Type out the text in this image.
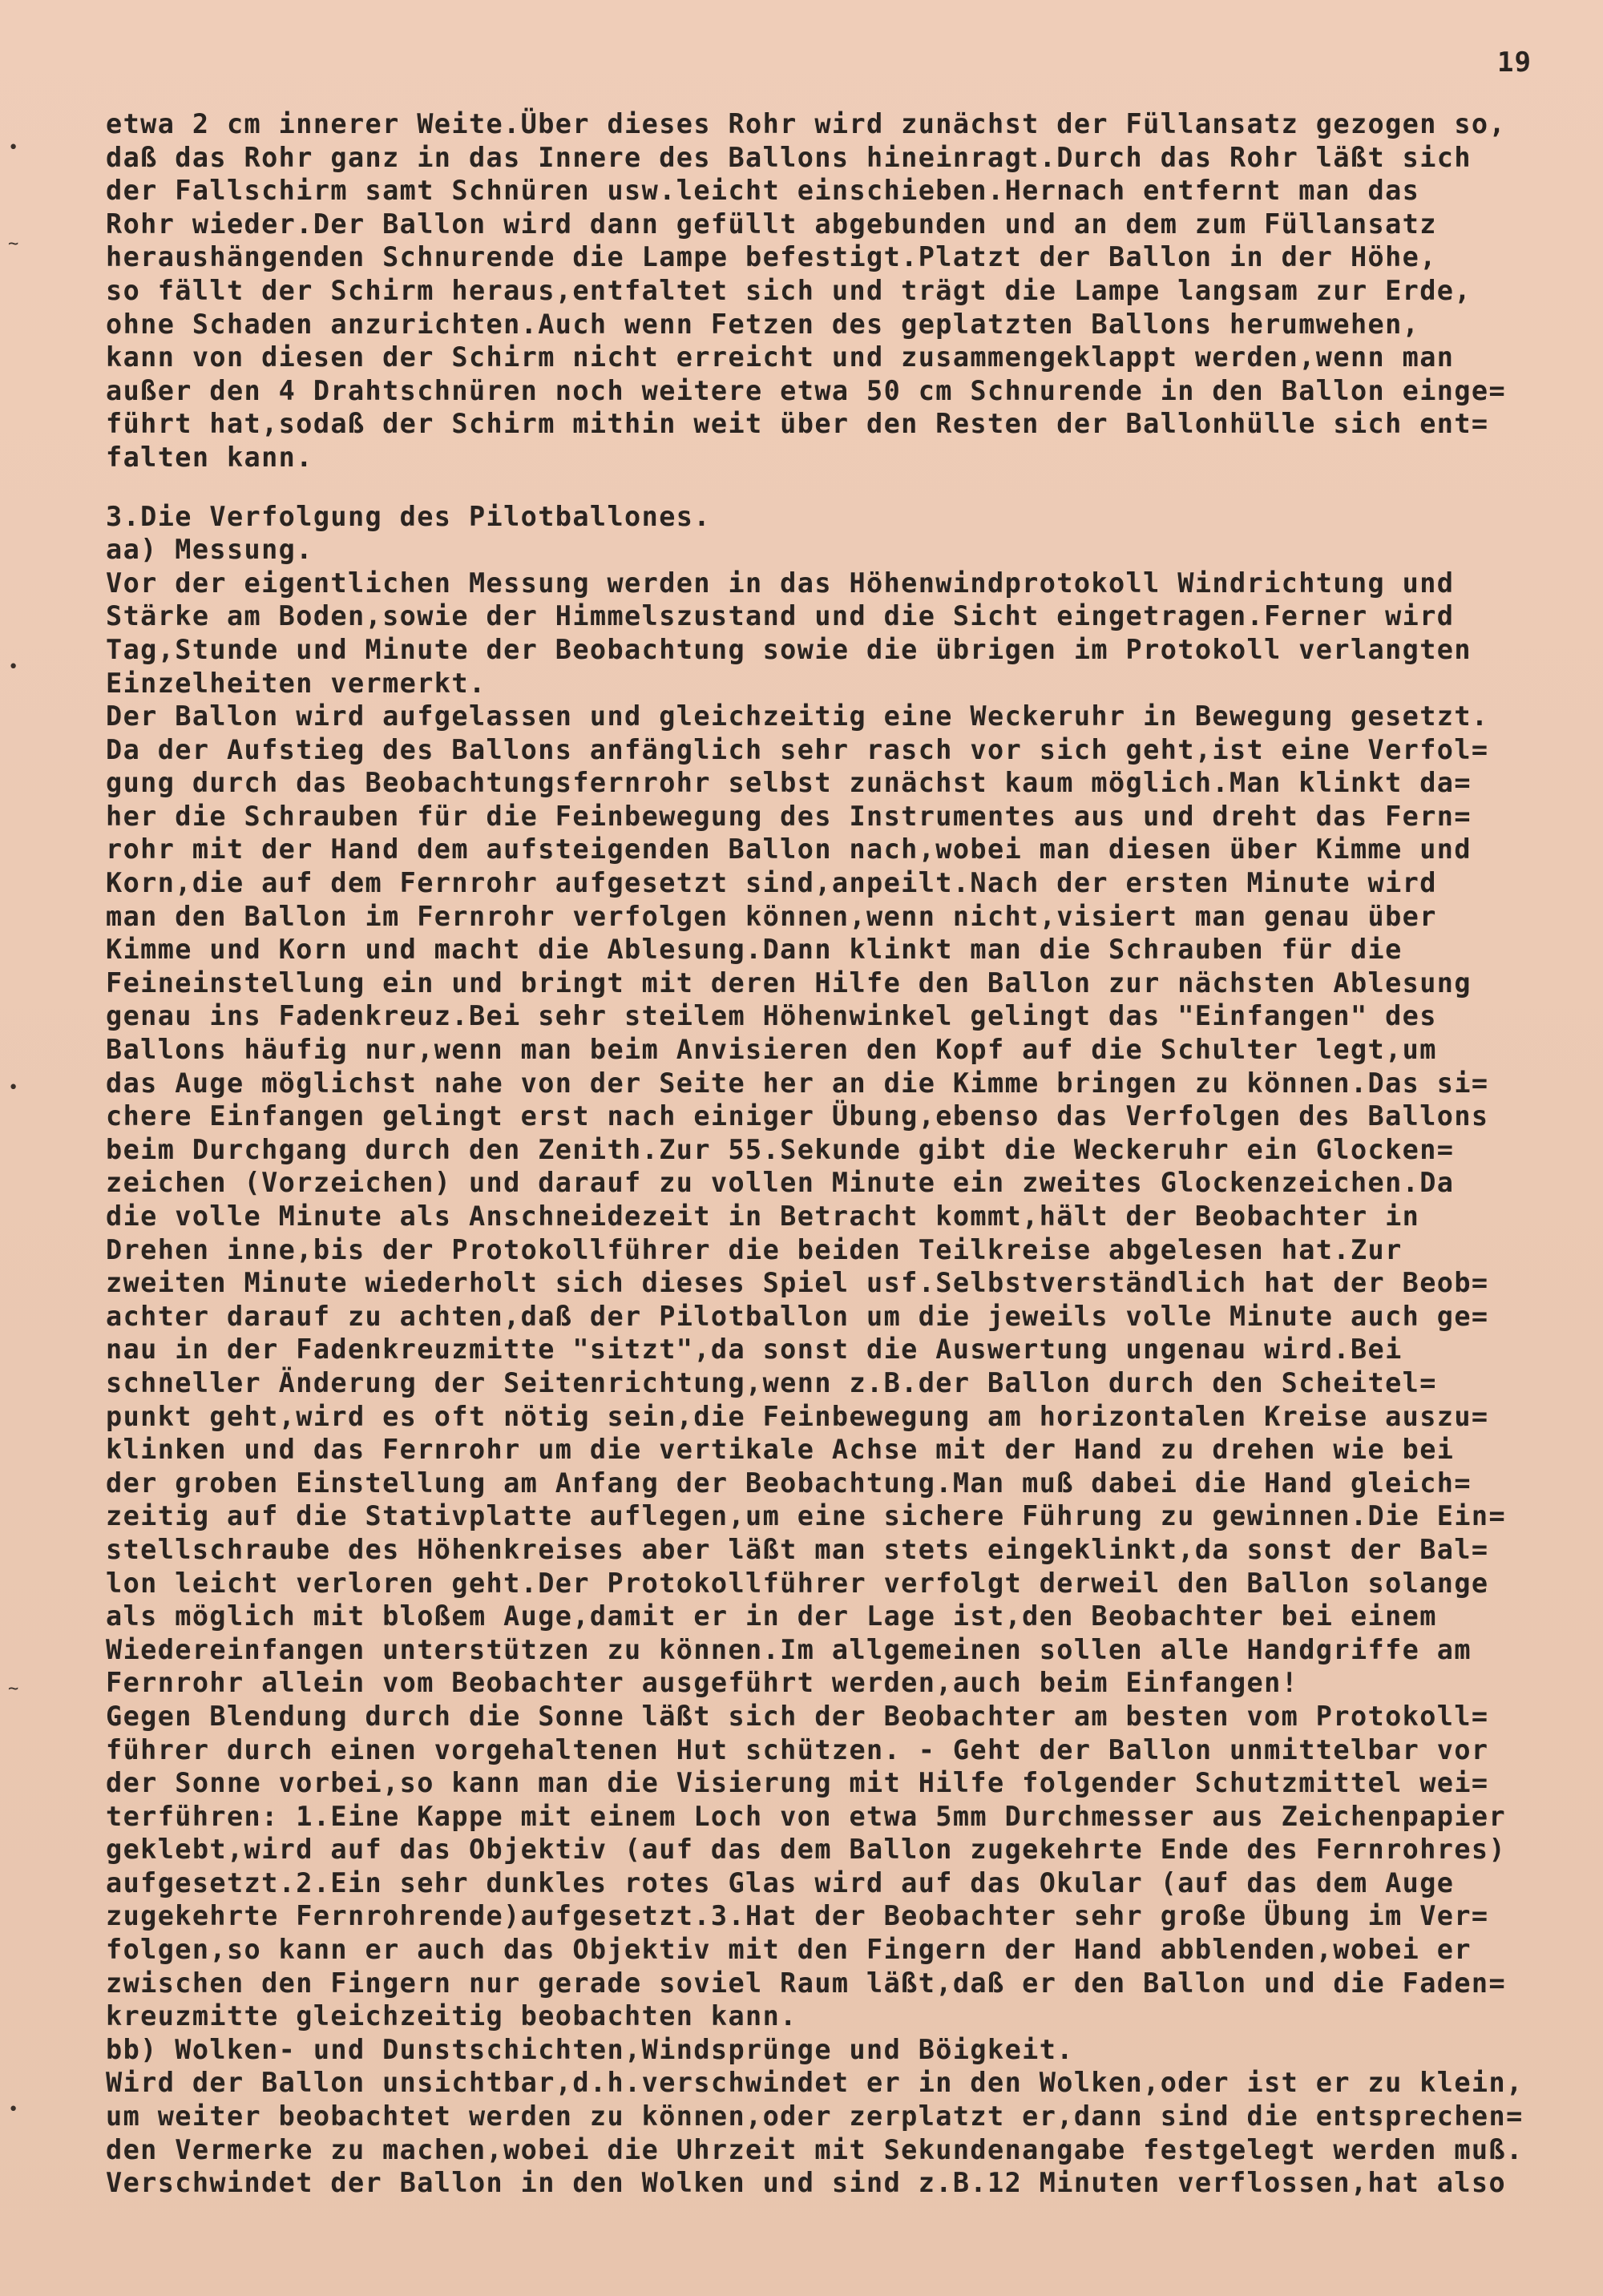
19
•
~
•
•
~
•
etwa 2 cm innerer Weite.Über dieses Rohr wird zunächst der Füllansatz gezogen so,
daß das Rohr ganz in das Innere des Ballons hineinragt.Durch das Rohr läßt sich
der Fallschirm samt Schnüren usw.leicht einschieben.Hernach entfernt man das
Rohr wieder.Der Ballon wird dann gefüllt abgebunden und an dem zum Füllansatz
heraushängenden Schnurende die Lampe befestigt.Platzt der Ballon in der Höhe,
so fällt der Schirm heraus,entfaltet sich und trägt die Lampe langsam zur Erde,
ohne Schaden anzurichten.Auch wenn Fetzen des geplatzten Ballons herumwehen,
kann von diesen der Schirm nicht erreicht und zusammengeklappt werden,wenn man
außer den 4 Drahtschnüren noch weitere etwa 50 cm Schnurende in den Ballon einge=
führt hat,sodaß der Schirm mithin weit über den Resten der Ballonhülle sich ent=
falten kann.
3.Die Verfolgung des Pilotballones.
aa) Messung.
Vor der eigentlichen Messung werden in das Höhenwindprotokoll Windrichtung und
Stärke am Boden,sowie der Himmelszustand und die Sicht eingetragen.Ferner wird
Tag,Stunde und Minute der Beobachtung sowie die übrigen im Protokoll verlangten
Einzelheiten vermerkt.
Der Ballon wird aufgelassen und gleichzeitig eine Weckeruhr in Bewegung gesetzt.
Da der Aufstieg des Ballons anfänglich sehr rasch vor sich geht,ist eine Verfol=
gung durch das Beobachtungsfernrohr selbst zunächst kaum möglich.Man klinkt da=
her die Schrauben für die Feinbewegung des Instrumentes aus und dreht das Fern=
rohr mit der Hand dem aufsteigenden Ballon nach,wobei man diesen über Kimme und
Korn,die auf dem Fernrohr aufgesetzt sind,anpeilt.Nach der ersten Minute wird
man den Ballon im Fernrohr verfolgen können,wenn nicht,visiert man genau über
Kimme und Korn und macht die Ablesung.Dann klinkt man die Schrauben für die
Feineinstellung ein und bringt mit deren Hilfe den Ballon zur nächsten Ablesung
genau ins Fadenkreuz.Bei sehr steilem Höhenwinkel gelingt das "Einfangen" des
Ballons häufig nur,wenn man beim Anvisieren den Kopf auf die Schulter legt,um
das Auge möglichst nahe von der Seite her an die Kimme bringen zu können.Das si=
chere Einfangen gelingt erst nach einiger Übung,ebenso das Verfolgen des Ballons
beim Durchgang durch den Zenith.Zur 55.Sekunde gibt die Weckeruhr ein Glocken=
zeichen (Vorzeichen) und darauf zu vollen Minute ein zweites Glockenzeichen.Da
die volle Minute als Anschneidezeit in Betracht kommt,hält der Beobachter in
Drehen inne,bis der Protokollführer die beiden Teilkreise abgelesen hat.Zur
zweiten Minute wiederholt sich dieses Spiel usf.Selbstverständlich hat der Beob=
achter darauf zu achten,daß der Pilotballon um die jeweils volle Minute auch ge=
nau in der Fadenkreuzmitte "sitzt",da sonst die Auswertung ungenau wird.Bei
schneller Änderung der Seitenrichtung,wenn z.B.der Ballon durch den Scheitel=
punkt geht,wird es oft nötig sein,die Feinbewegung am horizontalen Kreise auszu=
klinken und das Fernrohr um die vertikale Achse mit der Hand zu drehen wie bei
der groben Einstellung am Anfang der Beobachtung.Man muß dabei die Hand gleich=
zeitig auf die Stativplatte auflegen,um eine sichere Führung zu gewinnen.Die Ein=
stellschraube des Höhenkreises aber läßt man stets eingeklinkt,da sonst der Bal=
lon leicht verloren geht.Der Protokollführer verfolgt derweil den Ballon solange
als möglich mit bloßem Auge,damit er in der Lage ist,den Beobachter bei einem
Wiedereinfangen unterstützen zu können.Im allgemeinen sollen alle Handgriffe am
Fernrohr allein vom Beobachter ausgeführt werden,auch beim Einfangen!
Gegen Blendung durch die Sonne läßt sich der Beobachter am besten vom Protokoll=
führer durch einen vorgehaltenen Hut schützen. - Geht der Ballon unmittelbar vor
der Sonne vorbei,so kann man die Visierung mit Hilfe folgender Schutzmittel wei=
terführen: 1.Eine Kappe mit einem Loch von etwa 5mm Durchmesser aus Zeichenpapier
geklebt,wird auf das Objektiv (auf das dem Ballon zugekehrte Ende des Fernrohres)
aufgesetzt.2.Ein sehr dunkles rotes Glas wird auf das Okular (auf das dem Auge
zugekehrte Fernrohrende)aufgesetzt.3.Hat der Beobachter sehr große Übung im Ver=
folgen,so kann er auch das Objektiv mit den Fingern der Hand abblenden,wobei er
zwischen den Fingern nur gerade soviel Raum läßt,daß er den Ballon und die Faden=
kreuzmitte gleichzeitig beobachten kann.
bb) Wolken- und Dunstschichten,Windsprünge und Böigkeit.
Wird der Ballon unsichtbar,d.h.verschwindet er in den Wolken,oder ist er zu klein,
um weiter beobachtet werden zu können,oder zerplatzt er,dann sind die entsprechen=
den Vermerke zu machen,wobei die Uhrzeit mit Sekundenangabe festgelegt werden muß.
Verschwindet der Ballon in den Wolken und sind z.B.12 Minuten verflossen,hat also
